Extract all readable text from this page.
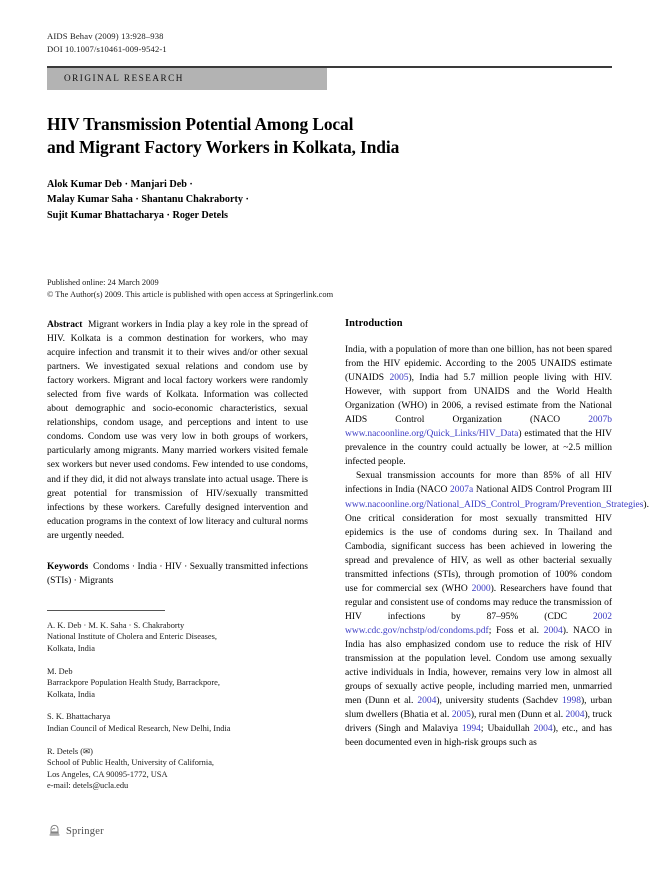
AIDS Behav (2009) 13:928–938
DOI 10.1007/s10461-009-9542-1
ORIGINAL RESEARCH
HIV Transmission Potential Among Local
and Migrant Factory Workers in Kolkata, India
Alok Kumar Deb · Manjari Deb ·
Malay Kumar Saha · Shantanu Chakraborty ·
Sujit Kumar Bhattacharya · Roger Detels
Published online: 24 March 2009
© The Author(s) 2009. This article is published with open access at Springerlink.com

Abstract Migrant workers in India play a key role in the spread of HIV. Kolkata is a common destination for workers, who may acquire infection and transmit it to their wives and/or other sexual partners. We investigated sexual relations and condom use by factory workers. Migrant and local factory workers were randomly selected from five wards of Kolkata. Information was collected about demographic and socio-economic characteristics, sexual relationships, condom usage, and perceptions and intent to use condoms. Condom use was very low in both groups of workers, particularly among migrants. Many married workers visited female sex workers but never used condoms. Few intended to use condoms, and if they did, it did not always translate into actual usage. There is great potential for transmission of HIV/sexually transmitted infections by these workers. Carefully designed intervention and education programs in the context of low literacy and cultural norms are urgently needed.

Keywords Condoms · India · HIV · Sexually transmitted infections (STIs) · Migrants

A. K. Deb · M. K. Saha · S. Chakraborty
National Institute of Cholera and Enteric Diseases,
Kolkata, India
M. Deb
Barrackpore Population Health Study, Barrackpore,
Kolkata, India
S. K. Bhattacharya
Indian Council of Medical Research, New Delhi, India
R. Detels (✉)
School of Public Health, University of California,
Los Angeles, CA 90095-1772, USA
e-mail: detels@ucla.edu
Introduction

India, with a population of more than one billion, has not been spared from the HIV epidemic. According to the 2005 UNAIDS estimate (UNAIDS 2005), India had 5.7 million people living with HIV. However, with support from UNAIDS and the World Health Organization (WHO) in 2006, a revised estimate from the National AIDS Control Organization (NACO 2007b www.nacoonline.org/Quick_Links/HIV_Data) estimated that the HIV prevalence in the country could actually be lower, at ~2.5 million infected people.

Sexual transmission accounts for more than 85% of all HIV infections in India (NACO 2007a National AIDS Control Program III www.nacoonline.org/National_AIDS_Control_Program/Prevention_Strategies). One critical consideration for most sexually transmitted HIV epidemics is the use of condoms during sex. In Thailand and Cambodia, significant success has been achieved in lowering the spread and prevalence of HIV, as well as other bacterial sexually transmitted infections (STIs), through promotion of 100% condom use for commercial sex (WHO 2000). Researchers have found that regular and consistent use of condoms may reduce the transmission of HIV infections by 87–95% (CDC 2002 www.cdc.gov/nchstp/od/condoms.pdf; Foss et al. 2004). NACO in India has also emphasized condom use to reduce the risk of HIV transmission at the population level. Condom use among sexually active individuals in India, however, remains very low in almost all groups of sexually active people, including married men, unmarried men (Dunn et al. 2004), university students (Sachdev 1998), urban slum dwellers (Bhatia et al. 2005), rural men (Dunn et al. 2004), truck drivers (Singh and Malaviya 1994; Ubaidullah 2004), etc., and has been documented even in high-risk groups such as

Springer
